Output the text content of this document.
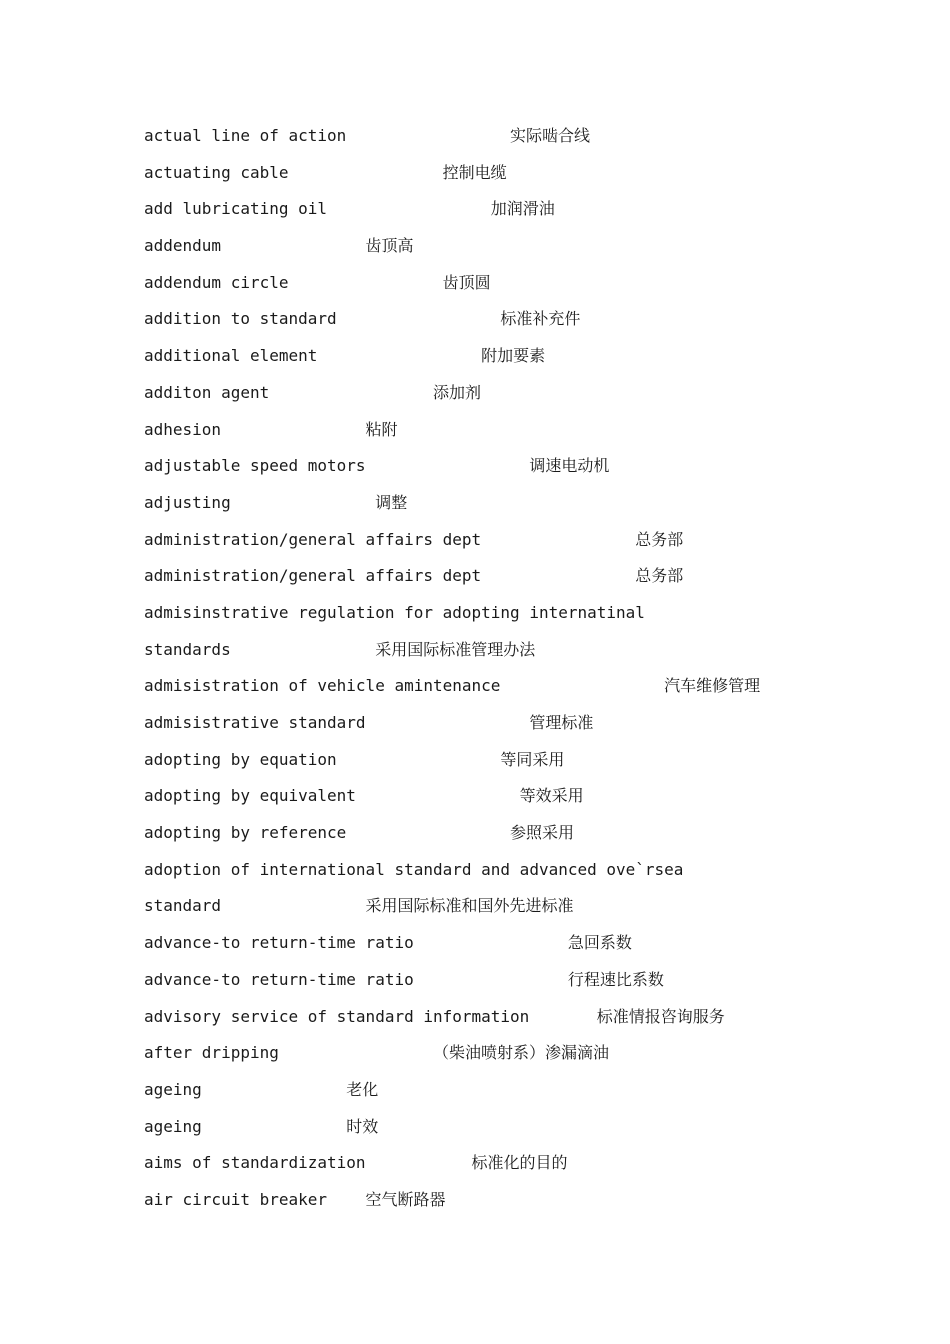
actual line of action                 实际啮合线
actuating cable                控制电缆
add lubricating oil                 加润滑油
addendum               齿顶高
addendum circle                齿顶圆
addition to standard                 标准补充件
additional element                 附加要素
additon agent                 添加剂
adhesion               粘附
adjustable speed motors                 调速电动机
adjusting               调整
administration/general affairs dept                总务部
administration/general affairs dept                总务部
admisinstrative regulation for adopting internatinal
standards               采用国际标准管理办法
admisistration of vehicle amintenance                 汽车维修管理
admisistrative standard                 管理标准
adopting by equation                 等同采用
adopting by equivalent                 等效采用
adopting by reference                 参照采用
adoption of international standard and advanced ove`rsea
standard               采用国际标准和国外先进标准
advance-to return-time ratio                急回系数
advance-to return-time ratio                行程速比系数
advisory service of standard information       标准情报咨询服务
after dripping                （柴油喷射系）渗漏滴油
ageing               老化
ageing               时效
aims of standardization           标准化的目的
air circuit breaker    空气断路器
